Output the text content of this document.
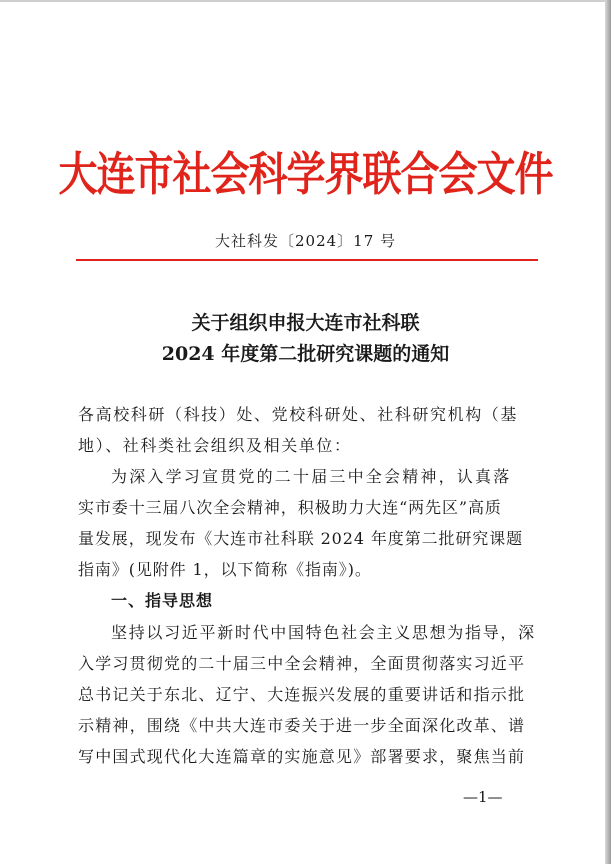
大连市社会科学界联合会文件
大社科发〔2024〕17 号
关于组织申报大连市社科联
2024 年度第二批研究课题的通知
各高校科研（科技）处、党校科研处、社科研究机构（基
地）、社科类社会组织及相关单位：
为深入学习宣贯党的二十届三中全会精神，认真落
实市委十三届八次全会精神，积极助力大连“两先区”高质
量发展，现发布《大连市社科联 2024 年度第二批研究课题
指南》(见附件 1，以下简称《指南》)。
一、指导思想
坚持以习近平新时代中国特色社会主义思想为指导，深
入学习贯彻党的二十届三中全会精神，全面贯彻落实习近平
总书记关于东北、辽宁、大连振兴发展的重要讲话和指示批
示精神，围绕《中共大连市委关于进一步全面深化改革、谱
写中国式现代化大连篇章的实施意见》部署要求，聚焦当前
—1—
